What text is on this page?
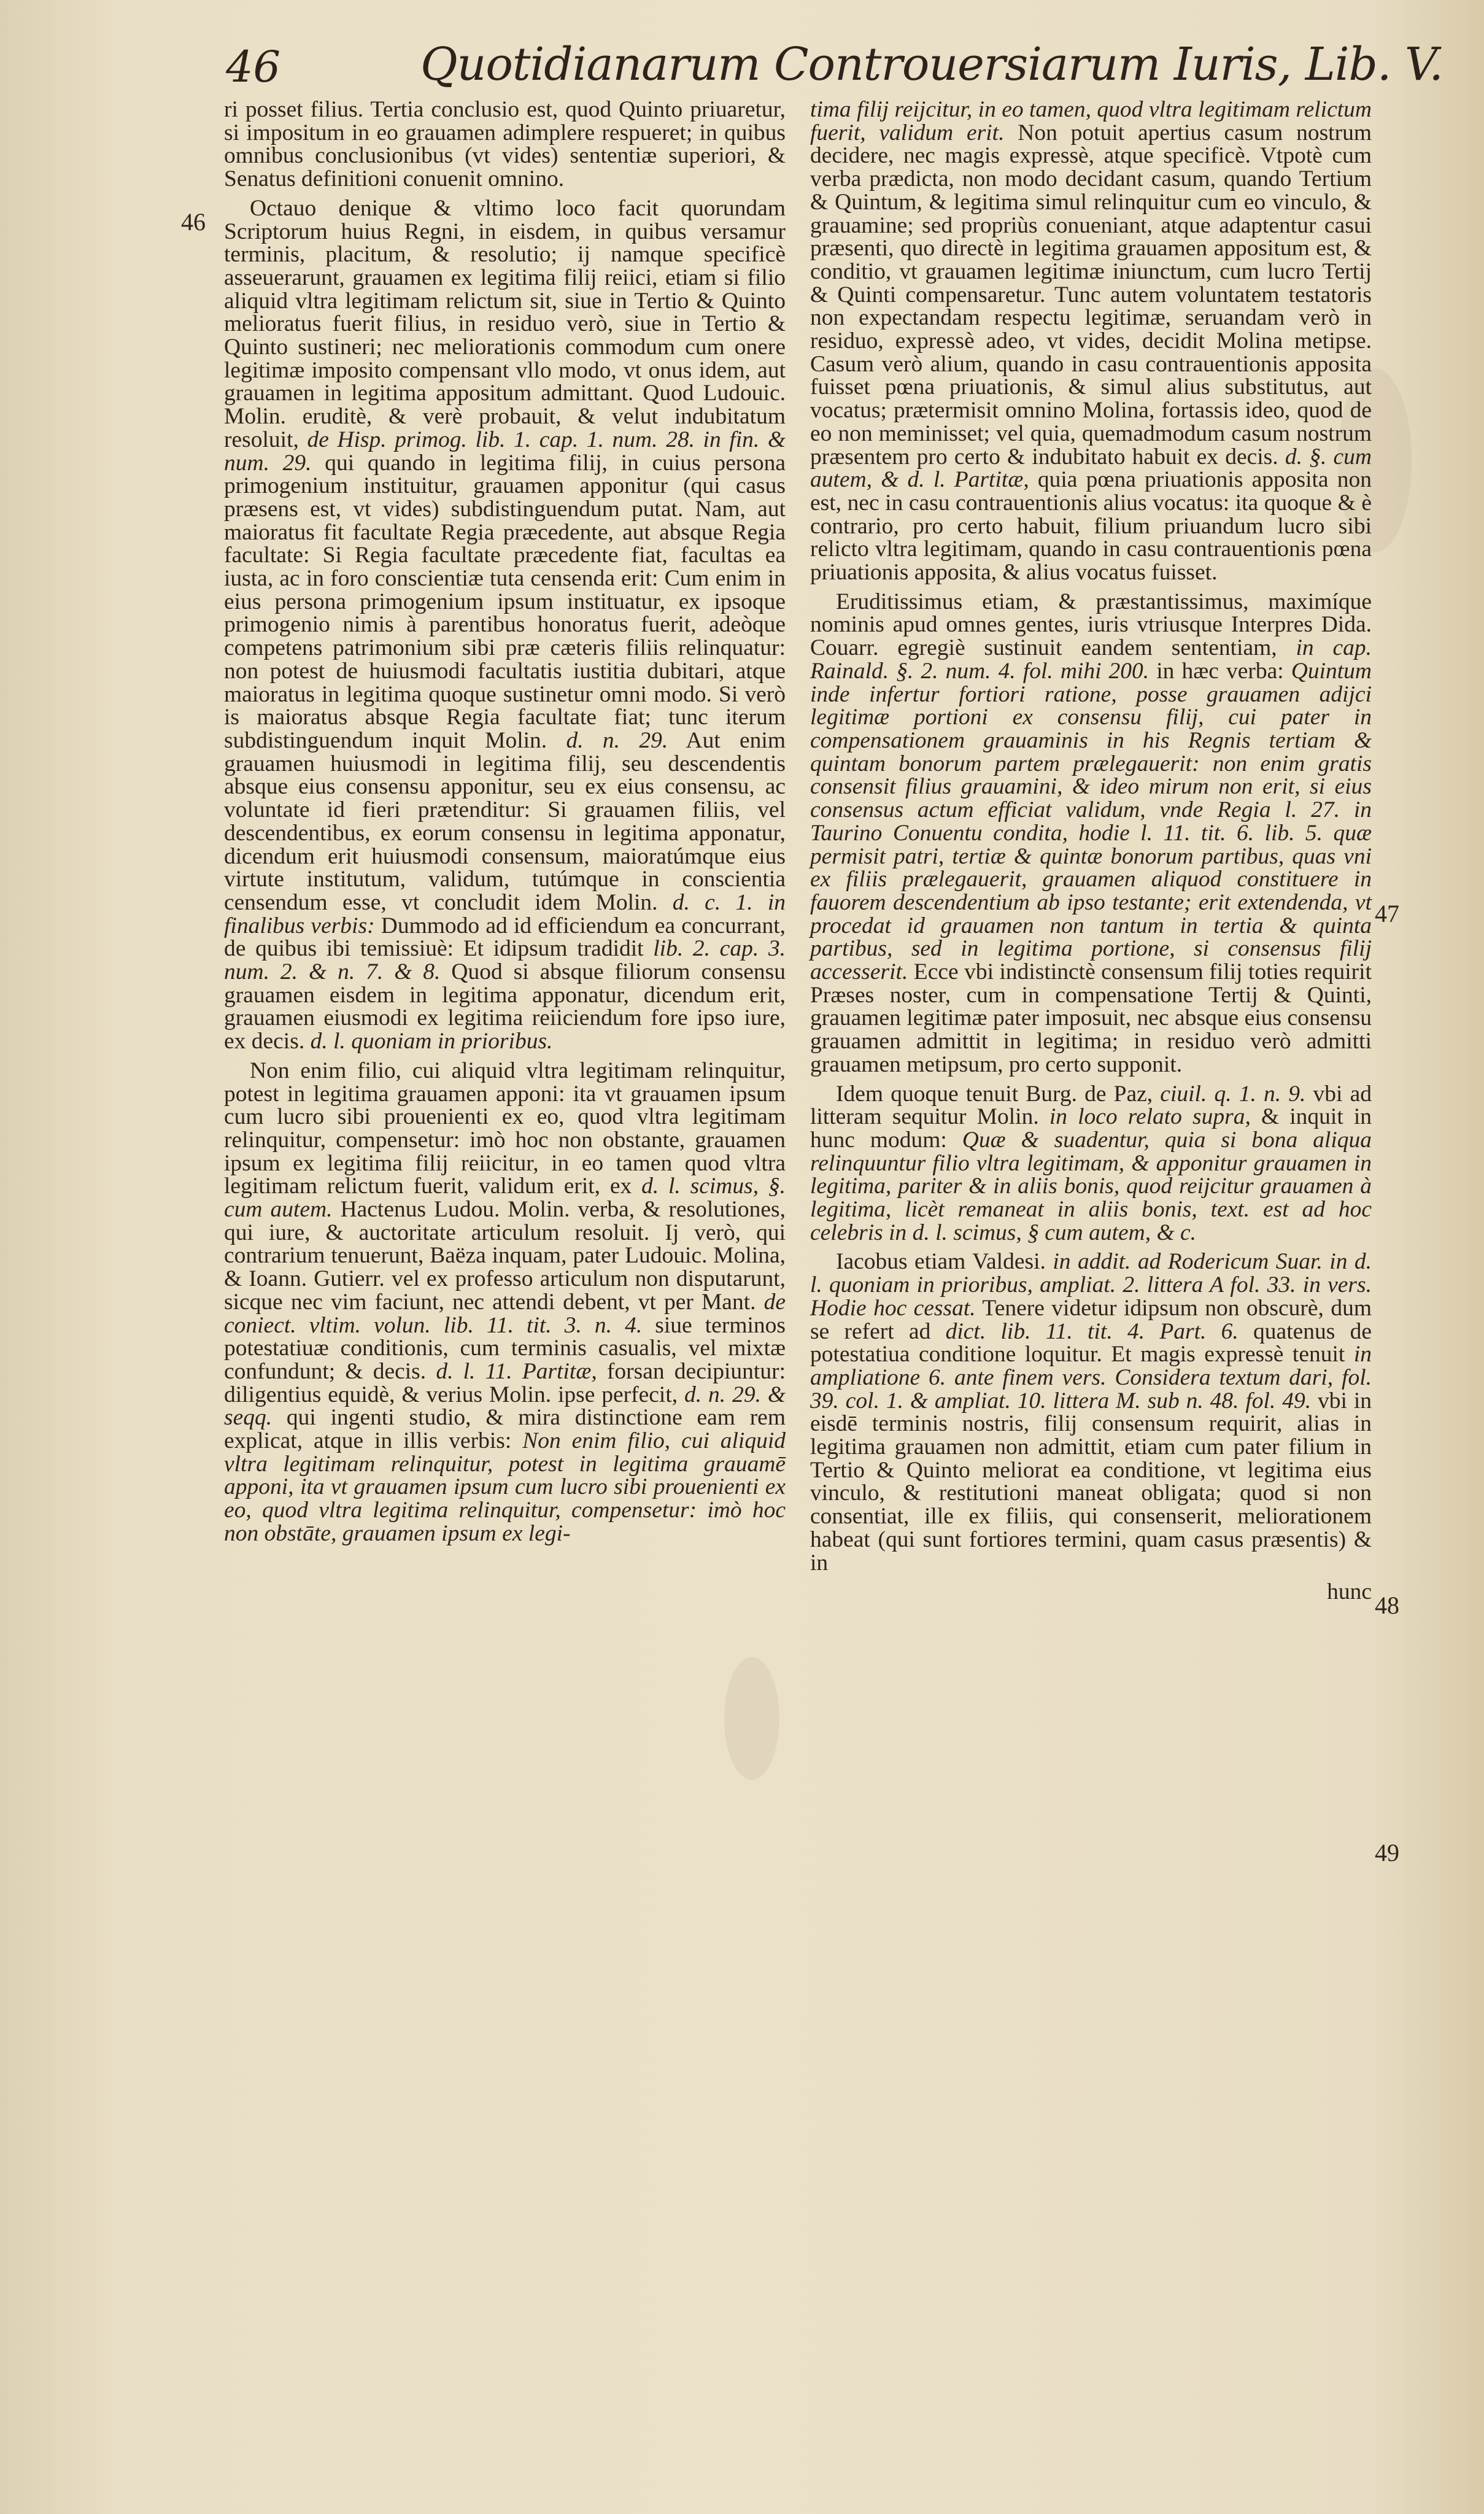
46	Quotidianarum Controuersiarum Iuris, Lib. V.
46
47
48
49

ri posset filius. Tertia conclusio est, quod Quinto priuaretur, si impositum in eo grauamen adimplere respueret; in quibus omnibus conclusionibus (vt vides) sententiæ superiori, & Senatus definitioni conuenit omnino.

Octauo denique & vltimo loco facit quorundam Scriptorum huius Regni, in eisdem, in quibus versamur terminis, placitum, & resolutio; ij namque specificè asseuerarunt, grauamen ex legitima filij reiici, etiam si filio aliquid vltra legitimam relictum sit, siue in Tertio & Quinto melioratus fuerit filius, in residuo verò, siue in Tertio & Quinto sustineri; nec meliorationis commodum cum onere legitimæ imposito compensant vllo modo, vt onus idem, aut grauamen in legitima appositum admittant. Quod Ludouic. Molin. eruditè, & verè probauit, & velut indubitatum resoluit, de Hisp. primog. lib. 1. cap. 1. num. 28. in fin. & num. 29. qui quando in legitima filij, in cuius persona primogenium instituitur, grauamen apponitur (qui casus præsens est, vt vides) subdistinguendum putat. Nam, aut maioratus fit facultate Regia præcedente, aut absque Regia facultate: Si Regia facultate præcedente fiat, facultas ea iusta, ac in foro conscientiæ tuta censenda erit: Cum enim in eius persona primogenium ipsum instituatur, ex ipsoque primogenio nimis à parentibus honoratus fuerit, adeòque competens patrimonium sibi præ cæteris filiis relinquatur: non potest de huiusmodi facultatis iustitia dubitari, atque maioratus in legitima quoque sustinetur omni modo. Si verò is maioratus absque Regia facultate fiat; tunc iterum subdistinguendum inquit Molin. d. n. 29. Aut enim grauamen huiusmodi in legitima filij, seu descendentis absque eius consensu apponitur, seu ex eius consensu, ac voluntate id fieri prætenditur: Si grauamen filiis, vel descendentibus, ex eorum consensu in legitima apponatur, dicendum erit huiusmodi consensum, maioratúmque eius virtute institutum, validum, tutúmque in conscientia censendum esse, vt concludit idem Molin. d. c. 1. in finalibus verbis: Dummodo ad id efficiendum ea concurrant, de quibus ibi temissiuè: Et idipsum tradidit lib. 2. cap. 3. num. 2. & n. 7. & 8. Quod si absque filiorum consensu grauamen eisdem in legitima apponatur, dicendum erit, grauamen eiusmodi ex legitima reiiciendum fore ipso iure, ex decis. d. l. quoniam in prioribus.

Non enim filio, cui aliquid vltra legitimam relinquitur, potest in legitima grauamen apponi: ita vt grauamen ipsum cum lucro sibi prouenienti ex eo, quod vltra legitimam relinquitur, compensetur: imò hoc non obstante, grauamen ipsum ex legitima filij reiicitur, in eo tamen quod vltra legitimam relictum fuerit, validum erit, ex d. l. scimus, §. cum autem. Hactenus Ludou. Molin. verba, & resolutiones, qui iure, & auctoritate articulum resoluit. Ij verò, qui contrarium tenuerunt, Baëza inquam, pater Ludouic. Molina, & Ioann. Gutierr. vel ex professo articulum non disputarunt, sicque nec vim faciunt, nec attendi debent, vt per Mant. de coniect. vltim. volun. lib. 11. tit. 3. n. 4. siue terminos potestatiuæ conditionis, cum terminis casualis, vel mixtæ confundunt; & decis. d. l. 11. Partitæ, forsan decipiuntur: diligentius equidè, & verius Molin. ipse perfecit, d. n. 29. & seqq. qui ingenti studio, & mira distinctione eam rem explicat, atque in illis verbis: Non enim filio, cui aliquid vltra legitimam relinquitur, potest in legitima grauamē apponi, ita vt grauamen ipsum cum lucro sibi prouenienti ex eo, quod vltra legitima relinquitur, compensetur: imò hoc non obstāte, grauamen ipsum ex legi-

tima filij reijcitur, in eo tamen, quod vltra legitimam relictum fuerit, validum erit. Non potuit apertius casum nostrum decidere, nec magis expressè, atque specificè. Vtpotè cum verba prædicta, non modo decidant casum, quando Tertium & Quintum, & legitima simul relinquitur cum eo vinculo, & grauamine; sed propriùs conueniant, atque adaptentur casui præsenti, quo directè in legitima grauamen appositum est, & conditio, vt grauamen legitimæ iniunctum, cum lucro Tertij & Quinti compensaretur. Tunc autem voluntatem testatoris non expectandam respectu legitimæ, seruandam verò in residuo, expressè adeo, vt vides, decidit Molina metipse. Casum verò alium, quando in casu contrauentionis apposita fuisset pœna priuationis, & simul alius substitutus, aut vocatus; prætermisit omnino Molina, fortassis ideo, quod de eo non meminisset; vel quia, quemadmodum casum nostrum præsentem pro certo & indubitato habuit ex decis. d. §. cum autem, & d. l. Partitæ, quia pœna priuationis apposita non est, nec in casu contrauentionis alius vocatus: ita quoque & è contrario, pro certo habuit, filium priuandum lucro sibi relicto vltra legitimam, quando in casu contrauentionis pœna priuationis apposita, & alius vocatus fuisset.

Eruditissimus etiam, & præstantissimus, maximíque nominis apud omnes gentes, iuris vtriusque Interpres Dida. Couarr. egregiè sustinuit eandem sententiam, in cap. Rainald. §. 2. num. 4. fol. mihi 200. in hæc verba: Quintum inde infertur fortiori ratione, posse grauamen adijci legitimæ portioni ex consensu filij, cui pater in compensationem grauaminis in his Regnis tertiam & quintam bonorum partem prælegauerit: non enim gratis consensit filius grauamini, & ideo mirum non erit, si eius consensus actum efficiat validum, vnde Regia l. 27. in Taurino Conuentu condita, hodie l. 11. tit. 6. lib. 5. quæ permisit patri, tertiæ & quintæ bonorum partibus, quas vni ex filiis prælegauerit, grauamen aliquod constituere in fauorem descendentium ab ipso testante; erit extendenda, vt procedat id grauamen non tantum in tertia & quinta partibus, sed in legitima portione, si consensus filij accesserit. Ecce vbi indistinctè consensum filij toties requirit Præses noster, cum in compensatione Tertij & Quinti, grauamen legitimæ pater imposuit, nec absque eius consensu grauamen admittit in legitima; in residuo verò admitti grauamen metipsum, pro certo supponit.

Idem quoque tenuit Burg. de Paz, ciuil. q. 1. n. 9. vbi ad litteram sequitur Molin. in loco relato supra, & inquit in hunc modum: Quæ & suadentur, quia si bona aliqua relinquuntur filio vltra legitimam, & apponitur grauamen in legitima, pariter & in aliis bonis, quod reijcitur grauamen à legitima, licèt remaneat in aliis bonis, text. est ad hoc celebris in d. l. scimus, § cum autem, & c.

Iacobus etiam Valdesi. in addit. ad Rodericum Suar. in d. l. quoniam in prioribus, ampliat. 2. littera A fol. 33. in vers. Hodie hoc cessat. Tenere videtur idipsum non obscurè, dum se refert ad dict. lib. 11. tit. 4. Part. 6. quatenus de potestatiua conditione loquitur. Et magis expressè tenuit in ampliatione 6. ante finem vers. Considera textum dari, fol. 39. col. 1. & ampliat. 10. littera M. sub n. 48. fol. 49. vbi in eisdē terminis nostris, filij consensum requirit, alias in legitima grauamen non admittit, etiam cum pater filium in Tertio & Quinto meliorat ea conditione, vt legitima eius vinculo, & restitutioni maneat obligata; quod si non consentiat, ille ex filiis, qui consenserit, meliorationem habeat (qui sunt fortiores termini, quam casus præsentis) & in

hunc
